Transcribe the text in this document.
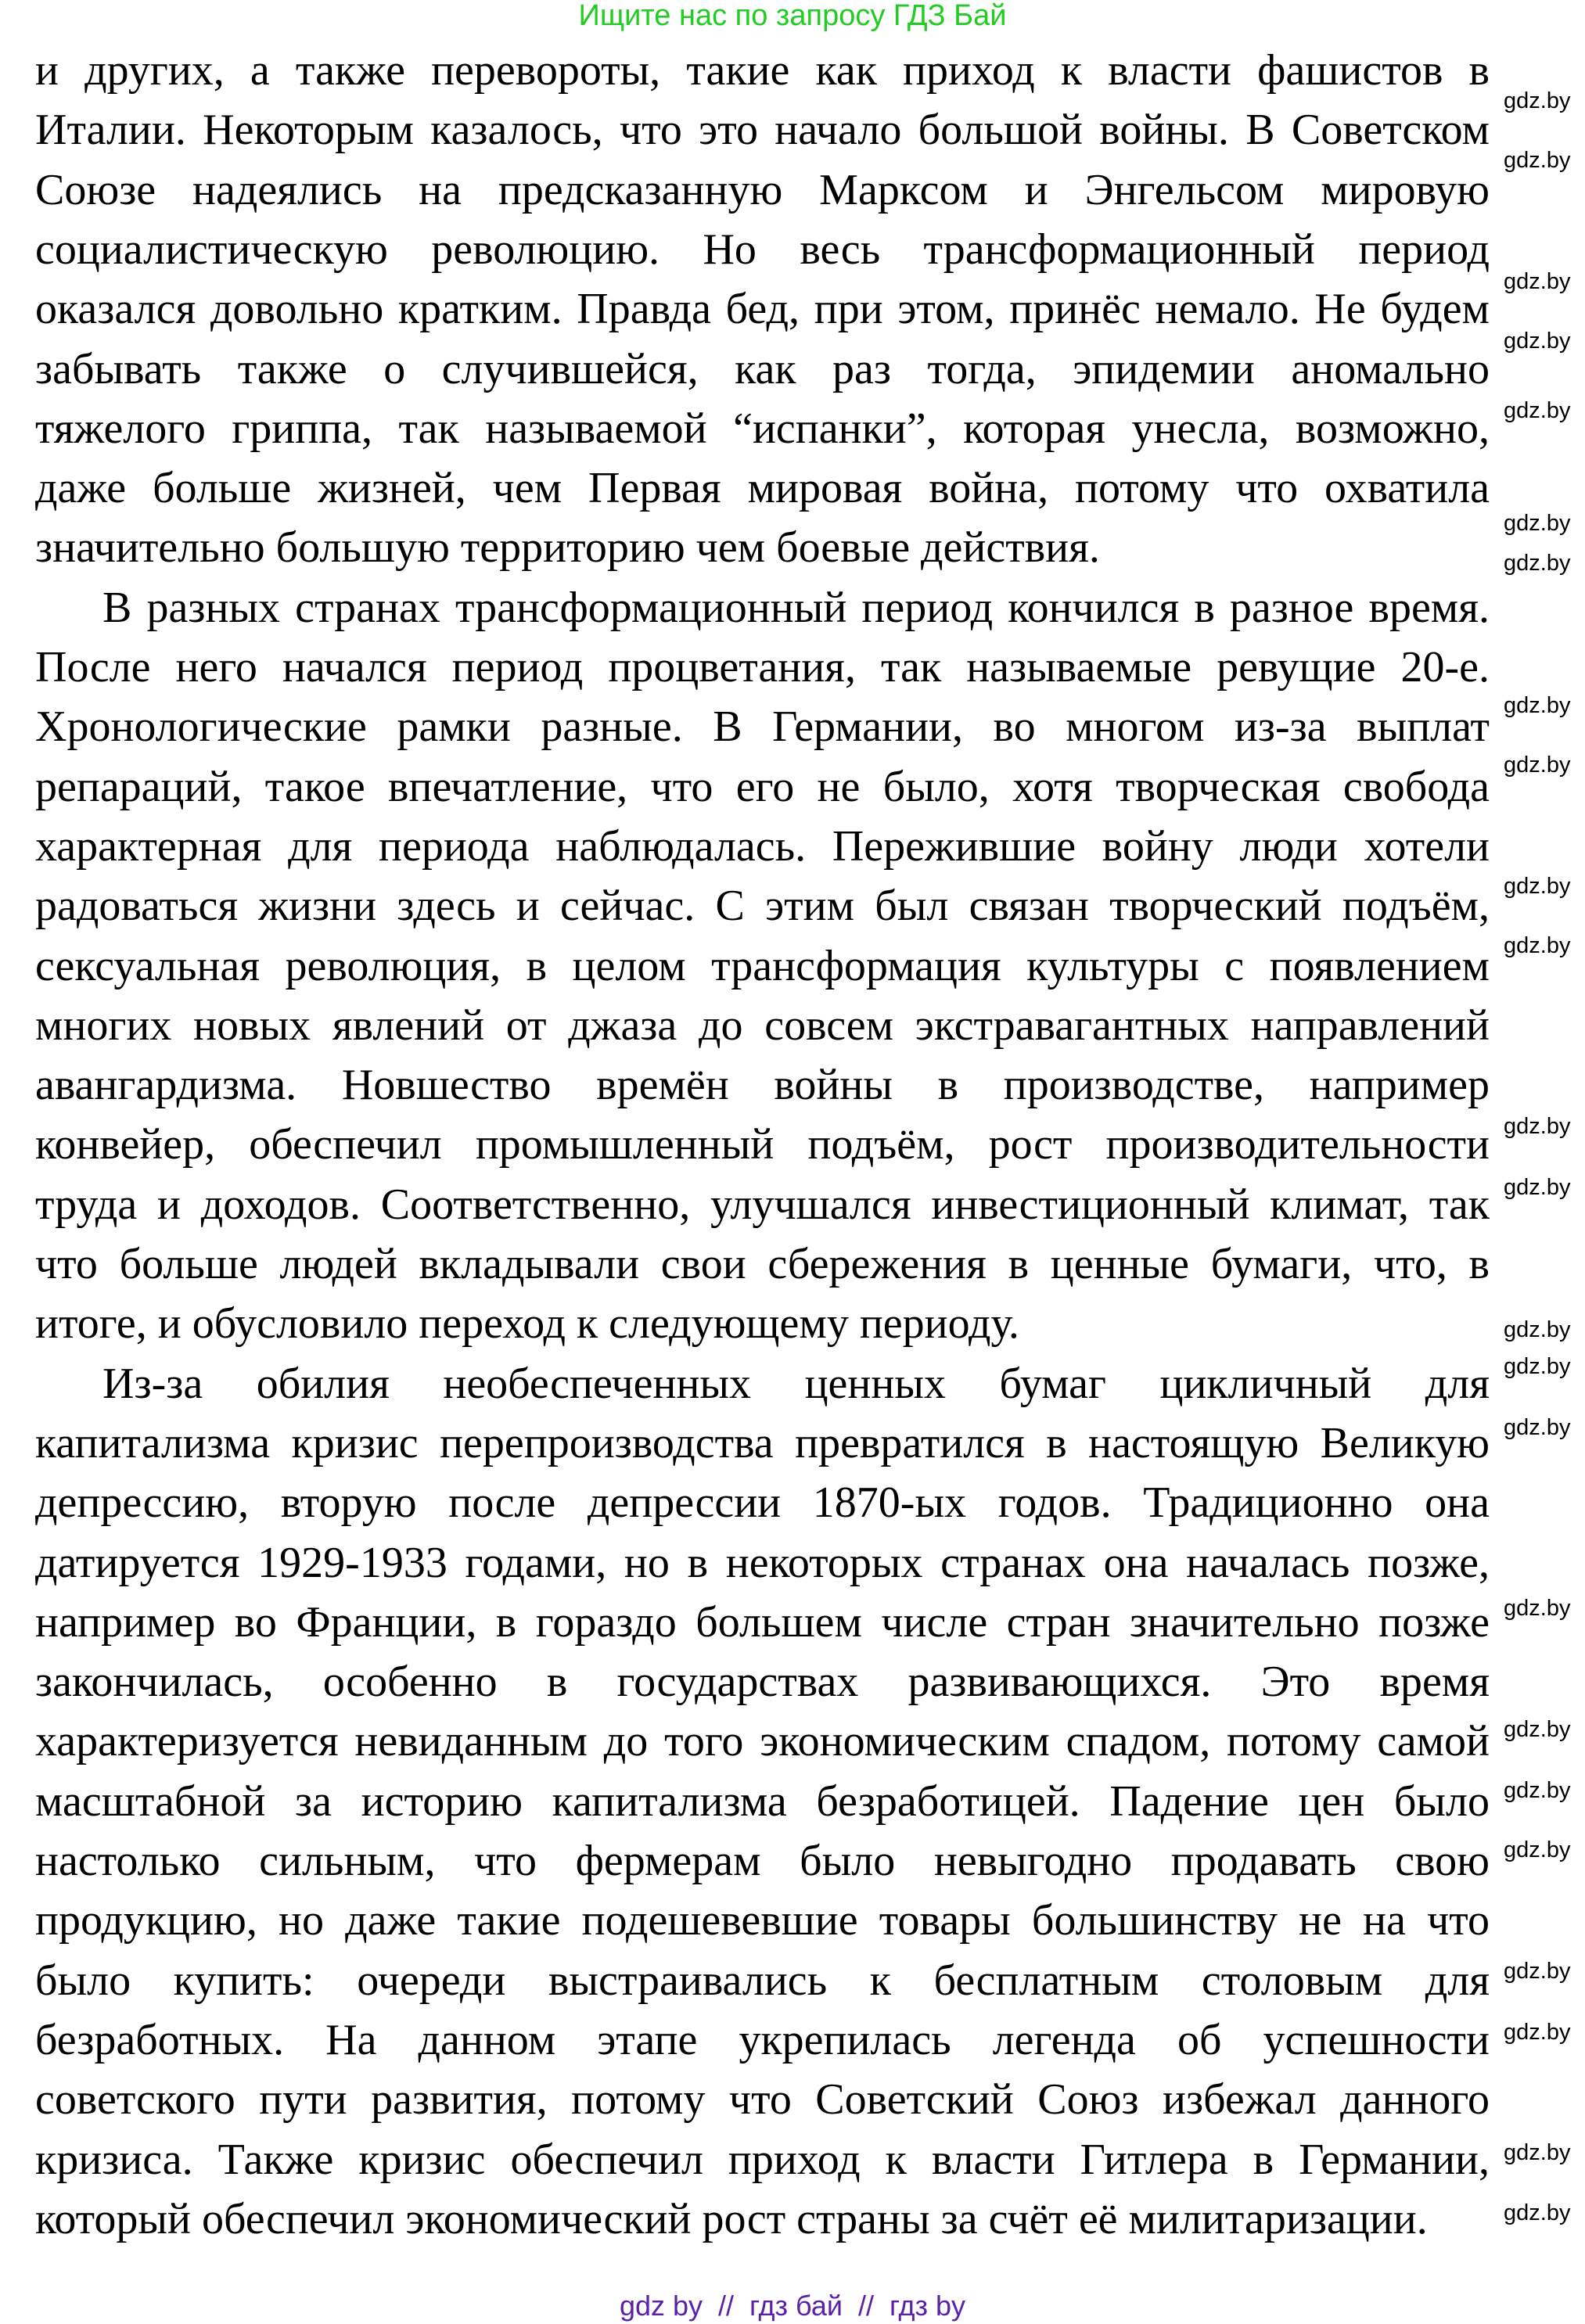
Ищите нас по запросу ГДЗ Бай
и других, а также перевороты, такие как приход к власти фашистов в
Италии. Некоторым казалось, что это начало большой войны. В Советском
Союзе надеялись на предсказанную Марксом и Энгельсом мировую
социалистическую революцию. Но весь трансформационный период
оказался довольно кратким. Правда бед, при этом, принёс немало. Не будем
забывать также о случившейся, как раз тогда, эпидемии аномально
тяжелого гриппа, так называемой “испанки”, которая унесла, возможно,
даже больше жизней, чем Первая мировая война, потому что охватила
значительно большую территорию чем боевые действия.
В разных странах трансформационный период кончился в разное время.
После него начался период процветания, так называемые ревущие 20-е.
Хронологические рамки разные. В Германии, во многом из-за выплат
репараций, такое впечатление, что его не было, хотя творческая свобода
характерная для периода наблюдалась. Пережившие войну люди хотели
радоваться жизни здесь и сейчас. С этим был связан творческий подъём,
сексуальная революция, в целом трансформация культуры с появлением
многих новых явлений от джаза до совсем экстравагантных направлений
авангардизма. Новшество времён войны в производстве, например
конвейер, обеспечил промышленный подъём, рост производительности
труда и доходов. Соответственно, улучшался инвестиционный климат, так
что больше людей вкладывали свои сбережения в ценные бумаги, что, в
итоге, и обусловило переход к следующему периоду.
Из-за обилия необеспеченных ценных бумаг цикличный для
капитализма кризис перепроизводства превратился в настоящую Великую
депрессию, вторую после депрессии 1870-ых годов. Традиционно она
датируется 1929-1933 годами, но в некоторых странах она началась позже,
например во Франции, в гораздо большем числе стран значительно позже
закончилась, особенно в государствах развивающихся. Это время
характеризуется невиданным до того экономическим спадом, потому самой
масштабной за историю капитализма безработицей. Падение цен было
настолько сильным, что фермерам было невыгодно продавать свою
продукцию, но даже такие подешевевшие товары большинству не на что
было купить: очереди выстраивались к бесплатным столовым для
безработных. На данном этапе укрепилась легенда об успешности
советского пути развития, потому что Советский Союз избежал данного
кризиса. Также кризис обеспечил приход к власти Гитлера в Германии,
который обеспечил экономический рост страны за счёт её милитаризации.
gdz.by
gdz.by
gdz.by
gdz.by
gdz.by
gdz.by
gdz.by
gdz.by
gdz.by
gdz.by
gdz.by
gdz.by
gdz.by
gdz.by
gdz.by
gdz.by
gdz.by
gdz.by
gdz.by
gdz.by
gdz.by
gdz.by
gdz.by
gdz.by
gdz by  //  гдз бай  //  гдз by
